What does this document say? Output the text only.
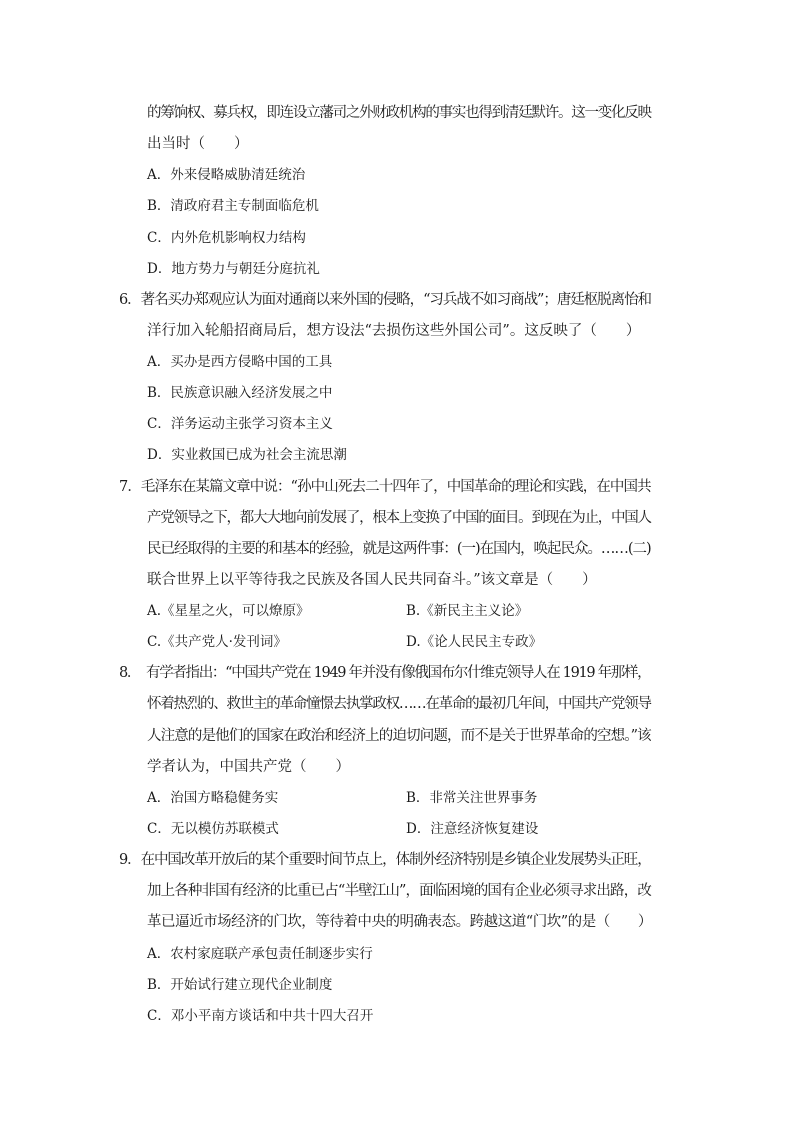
的筹饷权、募兵权，即连设立藩司之外财政机构的事实也得到清廷默许。这一变化反映
出当时（　　）
A．外来侵略威胁清廷统治
B．清政府君主专制面临危机
C．内外危机影响权力结构
D．地方势力与朝廷分庭抗礼
6．著名买办郑观应认为面对通商以来外国的侵略，“习兵战不如习商战”；唐廷枢脱离怡和
洋行加入轮船招商局后，想方设法“去损伤这些外国公司”。这反映了（　　）
A．买办是西方侵略中国的工具
B．民族意识融入经济发展之中
C．洋务运动主张学习资本主义
D．实业救国已成为社会主流思潮
7．毛泽东在某篇文章中说：“孙中山死去二十四年了，中国革命的理论和实践，在中国共
产党领导之下，都大大地向前发展了，根本上变换了中国的面目。到现在为止，中国人
民已经取得的主要的和基本的经验，就是这两件事：(一)在国内，唤起民众。……(二)
联合世界上以平等待我之民族及各国人民共同奋斗。”该文章是（　　）
A.《星星之火，可以燎原》	B.《新民主主义论》
C.《共产党人·发刊词》	D.《论人民民主专政》
8．　有学者指出：“中国共产党在 1949 年并没有像俄国布尔什维克领导人在 1919 年那样，
怀着热烈的、救世主的革命憧憬去执掌政权……在革命的最初几年间，中国共产党领导
人注意的是他们的国家在政治和经济上的迫切问题，而不是关于世界革命的空想。”该
学者认为，中国共产党（　　）
A．治国方略稳健务实	B．非常关注世界事务
C．无以模仿苏联模式	D．注意经济恢复建设
9．在中国改革开放后的某个重要时间节点上，体制外经济特别是乡镇企业发展势头正旺，
加上各种非国有经济的比重已占“半壁江山”，面临困境的国有企业必须寻求出路，改
革已逼近市场经济的门坎，等待着中央的明确表态。跨越这道“门坎”的是（　　）
A．农村家庭联产承包责任制逐步实行
B．开始试行建立现代企业制度
C．邓小平南方谈话和中共十四大召开
